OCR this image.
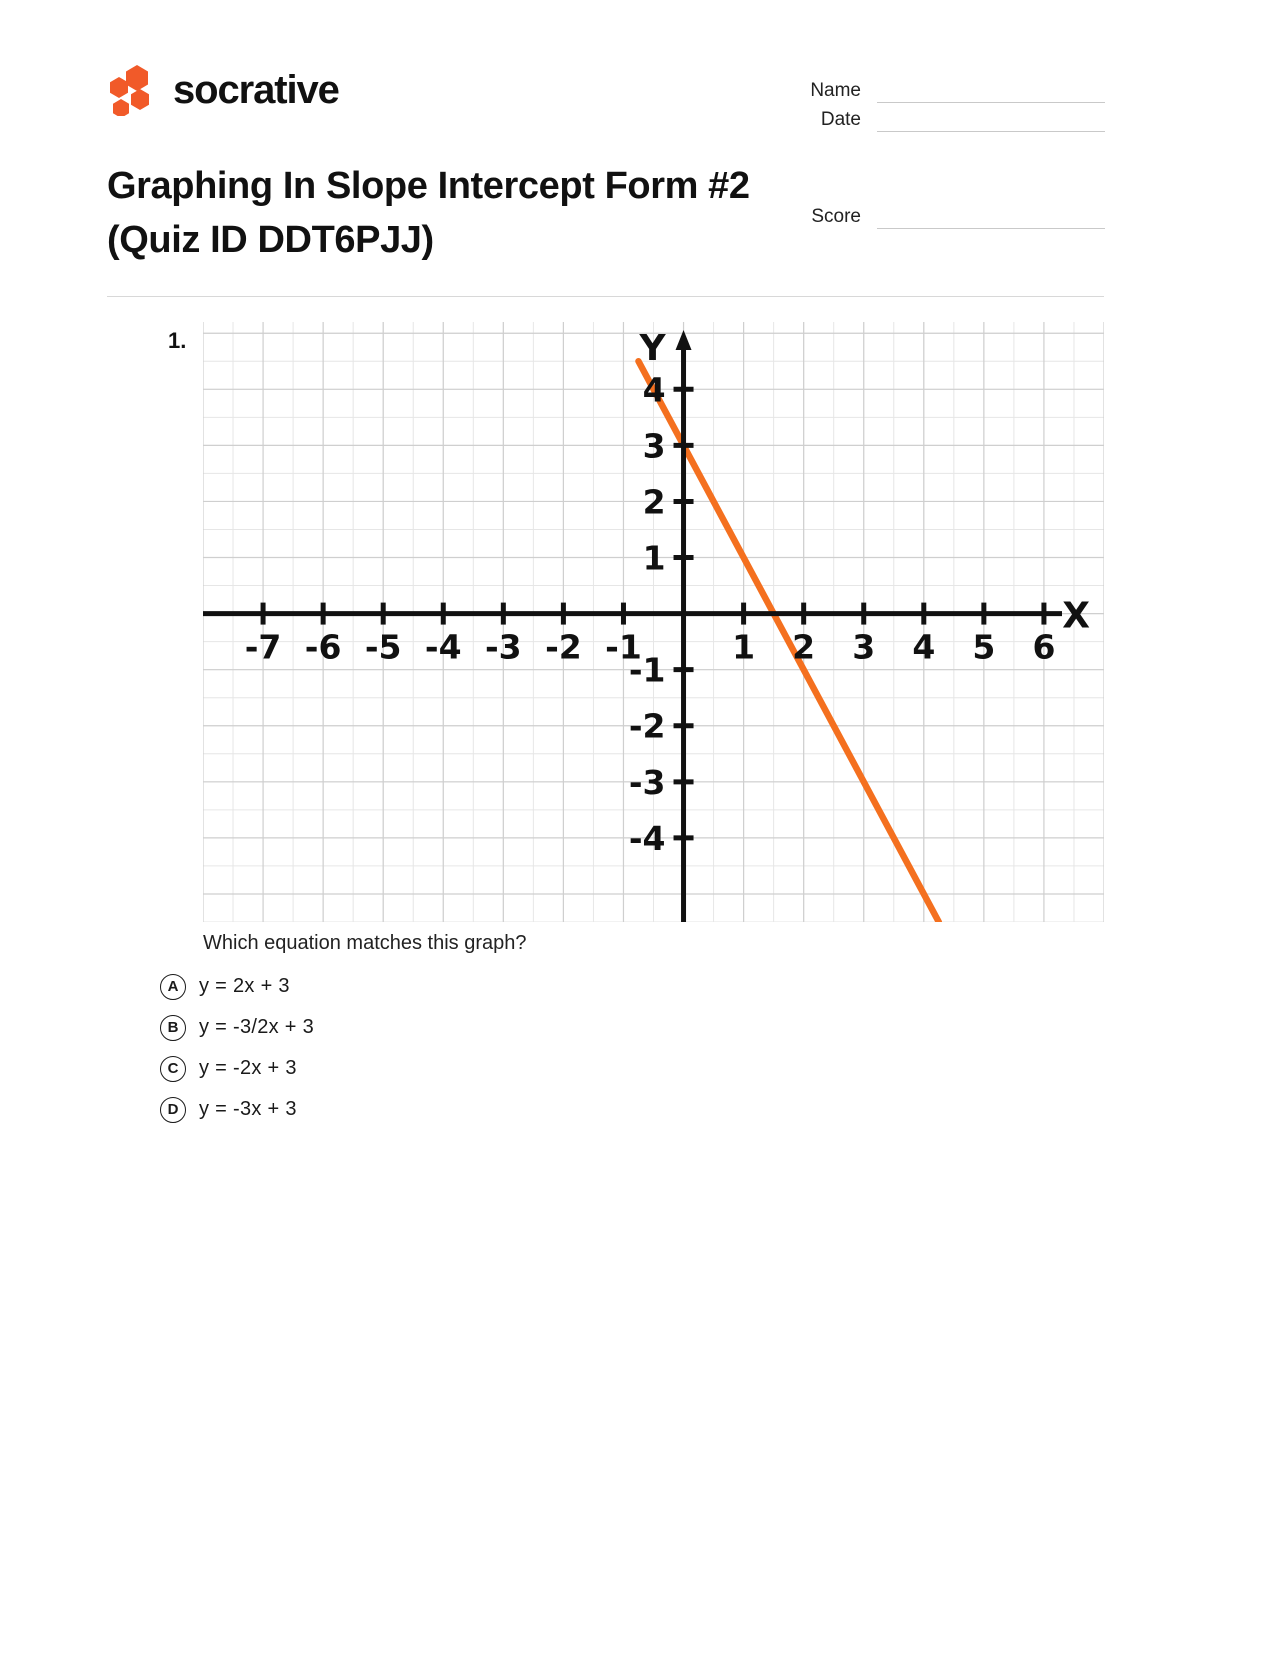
socrative	Name
Date
Score
Graphing In Slope Intercept Form #2 (Quiz ID DDT6PJJ)
1.
-7 -6 -5 -4 -3 -2 -1	1 2 3 4 5 6
4
3
2
1
-1
-2
-3
-4
X
Y
Which equation matches this graph?
A	y = 2x + 3
B	y = -3/2x + 3
C	y = -2x + 3
D	y = -3x + 3
